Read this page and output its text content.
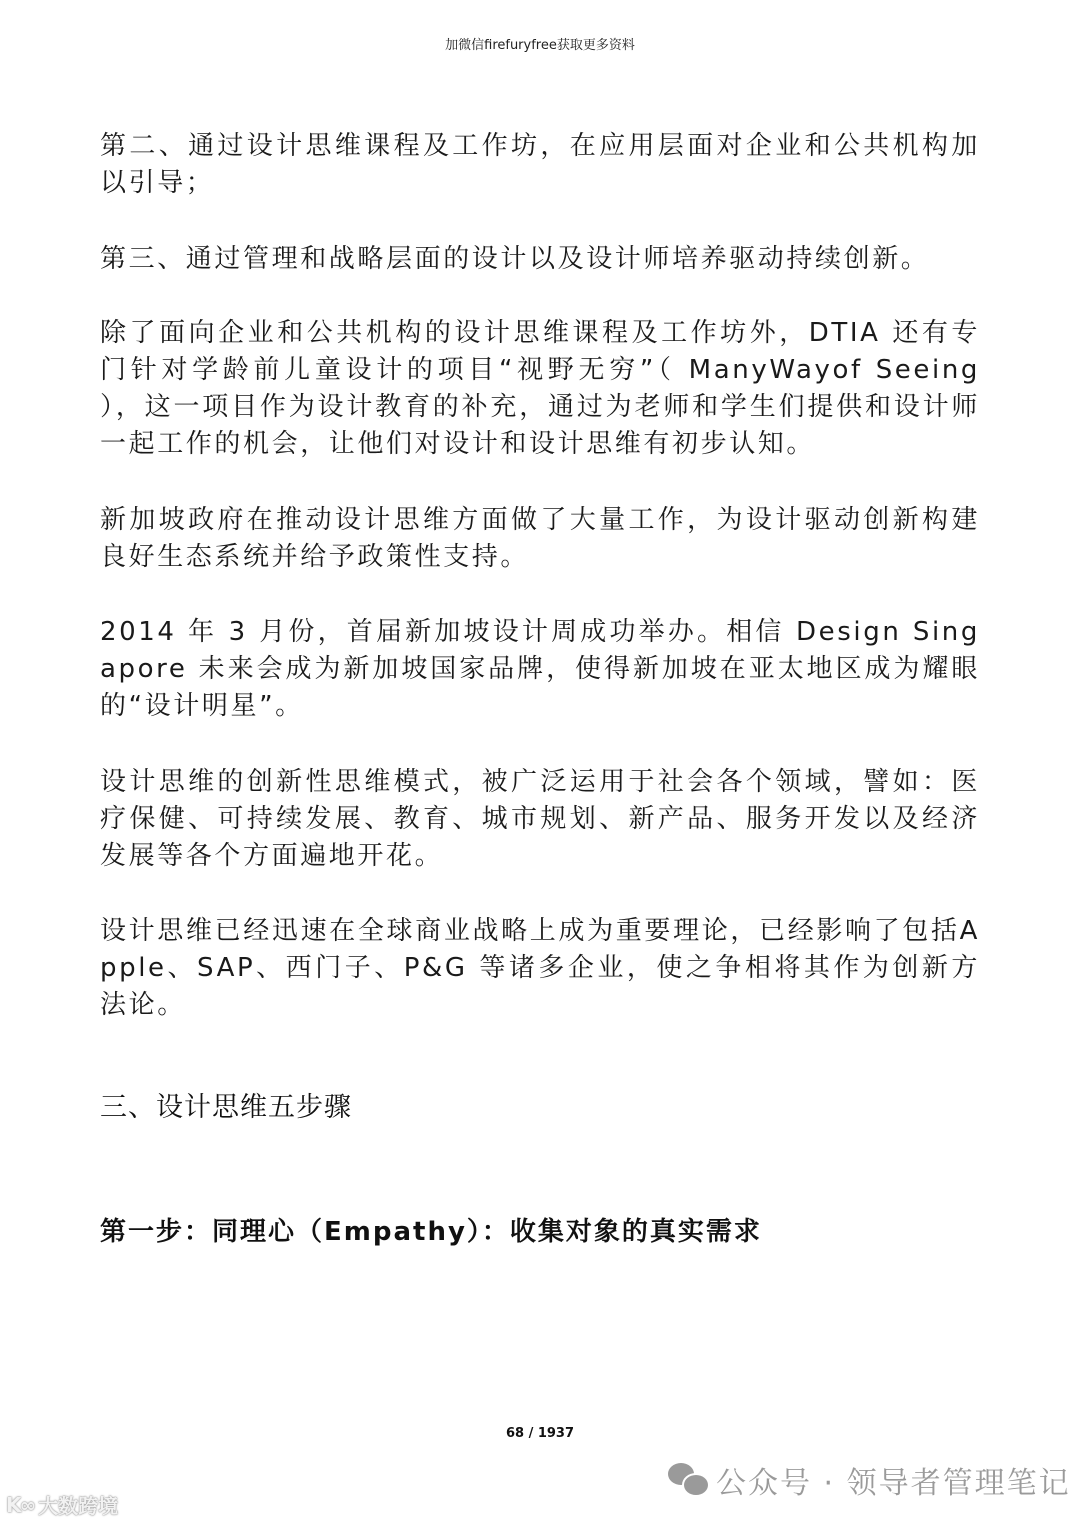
加微信firefuryfree获取更多资料

第二、通过设计思维课程及工作坊，在应用层面对企业和公共机构加以引导；

第三、通过管理和战略层面的设计以及设计师培养驱动持续创新。

除了面向企业和公共机构的设计思维课程及工作坊外，DTIA 还有专门针对学龄前儿童设计的项目“视野无穷”（ ManyWayof Seeing ），这一项目作为设计教育的补充，通过为老师和学生们提供和设计师一起工作的机会，让他们对设计和设计思维有初步认知。

新加坡政府在推动设计思维方面做了大量工作，为设计驱动创新构建良好生态系统并给予政策性支持。

2014 年 3 月份，首届新加坡设计周成功举办。相信 Design Singapore 未来会成为新加坡国家品牌，使得新加坡在亚太地区成为耀眼的“设计明星”。

设计思维的创新性思维模式，被广泛运用于社会各个领域，譬如：医疗保健、可持续发展、教育、城市规划、新产品、服务开发以及经济发展等各个方面遍地开花。

设计思维已经迅速在全球商业战略上成为重要理论，已经影响了包括Apple、SAP、西门子、P&G 等诸多企业，使之争相将其作为创新方法论。

三、设计思维五步骤
第一步：同理心（Empathy）：收集对象的真实需求
68 / 1937
公众号 · 领导者管理笔记
K∞ 大数跨境
